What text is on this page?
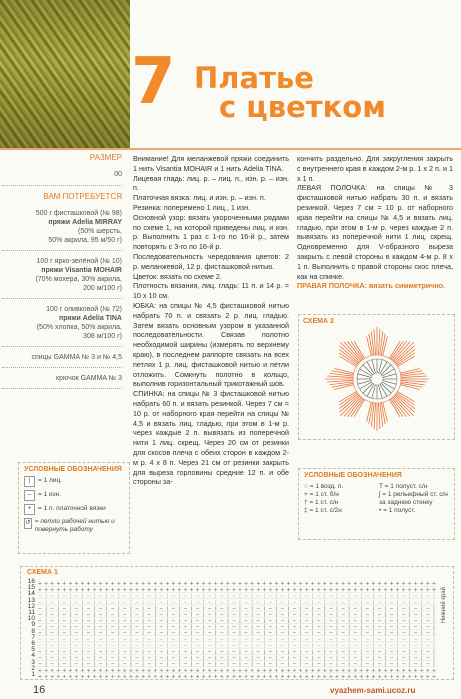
7 Платье
с цветком
РАЗМЕР
00
ВАМ ПОТРЕБУЕТСЯ
500 г фисташковой (№ 98)
пряжи Adelia MIRRAY
(50% шерсть,
50% акрила, 95 м/50 г)
100 г ярко-зелёной (№ 10)
пряжи Visantia MOHAIR
(70% мохера, 30% акрила,
200 м/100 г)
100 г оливковой (№ 72)
пряжи Adelia TINA
(50% хлопка, 50% акрила,
308 м/100 г)
спицы GAMMA № 3 и № 4,5
крючок GAMMA № 3
Внимание! Для меланжевой пряжи соединить 1 нить Visantia MOHAIR и 1 нить Adelia TINA.
Лицевая гладь: лиц. р. – лиц. п., изн. р. – изн. п.
Платочная вязка: лиц. и изн. р. – изн. п.
Резинка: поперемено 1 лиц., 1 изн.
Основной узор: вязать укороченными рядами по схеме 1, на которой приведены лиц. и изн. р. Выполнить 1 раз с 1-го по 16-й р., затем повторять с 3-го по 16-й р.
Последовательность чередования цветов: 2 р. меланжевой, 12 р. фисташковой нитью.
Цветок: вязать по схеме 2.
Плотность вязания, лиц. гладь: 11 п. и 14 р. = 10 х 10 см.
ЮБКА: на спицы № 4,5 фисташковой нитью набрать 70 п. и связать 2 р. лиц. гладью. Затем вязать основным узором в указанной последовательности. Связав полотно необходимой ширины (измерять по верхнему краю), в последнем раппорте связать на всех петлях 1 р. лиц. фисташковой нитью и петли отложить. Сомкнуть полотно в кольцо, выполнив горизонтальный трикотажный шов.
СПИНКА: на спицы № 3 фисташковой нитью набрать 60 п. и вязать резинкой. Через 7 см = 10 р. от наборного края перейти на спицы № 4,5 и вязать лиц. гладью, при этом в 1-м р. через каждые 2 п. вывязать из поперечной нити 1 лиц. скрещ. Через 20 см от резинки для скосов плеча с обеих сторон в каждом 2-м р. 4 х 8 п. Через 21 см от резинки закрыть для выреза горловины средние 12 п. и обе стороны за-
кончить раздельно. Для закругления закрыть с внутреннего края в каждом 2-м р. 1 х 2 п. и 1 х 1 п.
ЛЕВАЯ ПОЛОЧКА: на спицы № 3 фисташковой нитью набрать 30 п. и вязать резинкой. Через 7 см = 10 р. от наборного края перейти на спицы № 4,5 и вязать лиц. гладью, при этом в 1-м р. через каждые 2 п. вывязать из поперечной нити 1 лиц. скрещ. Одновременно для V-образного выреза закрыть с левой стороны в каждом 4-м р. 8 х 1 п. Выполнить с правой стороны скос плеча, как на спинке.
ПРАВАЯ ПОЛОЧКА: вязать симметрично.
СХЕМА 2
УСЛОВНЫЕ ОБОЗНАЧЕНИЯ
| = 1 лиц.
– = 1 изн.
+ = 1 п. платочной вязки
↺ = петли рабочей нитью и повернуть работу
УСЛОВНЫЕ ОБОЗНАЧЕНИЯ
○ = 1 возд. п.
+ = 1 ст. б/н
† = 1 ст. с/н
‡ = 1 ст. с/2н
T = 1 полуст. с/н
ʃ = 1 рельефный ст. с/н за заднюю стенку
• = 1 полуст.
СХЕМА 1
16
15
14
13
12
11
10
9
8
7
6
5
4
3
2
1
Нижний край
+ + + + + + + + + + + + + + + + + + + + + + + + + + + + + + + + + + + + + + + + + + + + + + + + + + + + + + + + + + + + + + + + + +
+ + + + + + + + + + + + + + + + + + + + + + + + + + + + + + + + + + + + + + + + + + + + + + + + + + + + + + + + + + + + + + + + + +
− | − | − | − | − | − | − | − | − | − | − | − | − | − | − | − | − | − | − | − | − | − | − | − | − | − | − | − | − | − | − | − | − |
− | − | − | − | − | − | − | − | − | − | − | − | − | − | − | − | − | − | − | − | − | − | − | − | − | − | − | − | − | − | − | − | − |
− | − | − | − | − | − | − | − | − | − | − | − | − | − | − | − | − | − | − | − | − | − | − | − | − | − | − | − | − | − | − | − | − |
− | − | − | − | − | − | − | − | − | − | − | − | − | − | − | − | − | − | − | − | − | − | − | − | − | − | − | − | − | − | − | − | − |
− | − | − | − | − | − | − | − | − | − | − | − | − | − | − | − | − | − | − | − | − | − | − | − | − | − | − | − | − | − | − | − | − |
− | − | − | − | − | − | − | − | − | − | − | − | − | − | − | − | − | − | − | − | − | − | − | − | − | − | − | − | − | − | − | − | − |
− | − | − | − | − | − | − | − | − | − | − | − | − | − | − | − | − | − | − | − | − | − | − | − | − | − | − | − | − | − | − | − | − |
− | − | − | − | − | − | − | − | − | − | − | − | − | − | − | − | − | − | − | − | − | − | − | − | − | − | − | − | − | − | − | − | − |
− | − | − | − | − | − | − | − | − | − | − | − | − | − | − | − | − | − | − | − | − | − | − | − | − | − | − | − | − | − | − | − | − |
− | − | − | − | − | − | − | − | − | − | − | − | − | − | − | − | − | − | − | − | − | − | − | − | − | − | − | − | − | − | − | − | − |
− | − | − | − | − | − | − | − | − | − | − | − | − | − | − | − | − | − | − | − | − | − | − | − | − | − | − | − | − | − | − | − | − |
− | − | − | − | − | − | − | − | − | − | − | − | − | − | − | − | − | − | − | − | − | − | − | − | − | − | − | − | − | − | − | − | − |
+ + + + + + + + + + + + + + + + + + + + + + + + + + + + + + + + + + + + + + + + + + + + + + + + + + + + + + + + + + + + + + + + + +
+ + + + + + + + + + + + + + + + + + + + + + + + + + + + + + + + + + + + + + + + + + + + + + + + + + + + + + + + + + + + + + + + + +
16	vyazhem-sami.ucoz.ru
